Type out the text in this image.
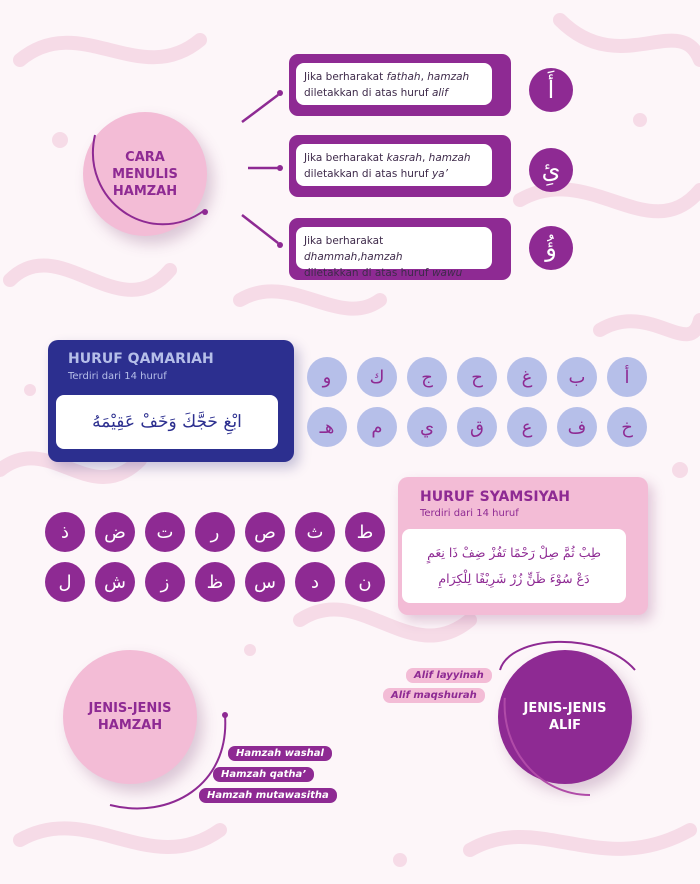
CARA MENULIS HAMZAH
Jika berharakat fathah, hamzah
diletakkan di atas huruf alif	أَ
Jika berharakat kasrah, hamzah
diletakkan di atas huruf ya’	ئِ
Jika berharakat dhammah,hamzah
diletakkan di atas huruf wawu
ؤُ
HURUF QAMARIAH
Terdiri dari 14 huruf
ابْغِ حَجَّكَ وَخَفْ عَقِيْمَهُ
أ
ب
غ
ح
ج
ك
و
خ
ف
ع
ق
ي
م
هـ
HURUF SYAMSIYAH
Terdiri dari 14 huruf
طِبْ ثُمَّ صِلْ رَحْمًا تَفُزْ ضِفْ ذَا نِعَمٍ
دَعْ سُوْءَ ظَنٍّ زُرْ شَرِيْفًا لِلْكِرَامِ
ط
ث
ص
ر
ت
ض
ذ
ن
د
س
ظ
ز
ش
ل
JENIS-JENIS
HAMZAH
Hamzah washal
Hamzah qatha’
Hamzah mutawasitha
JENIS-JENIS
ALIF
Alif layyinah
Alif maqshurah
